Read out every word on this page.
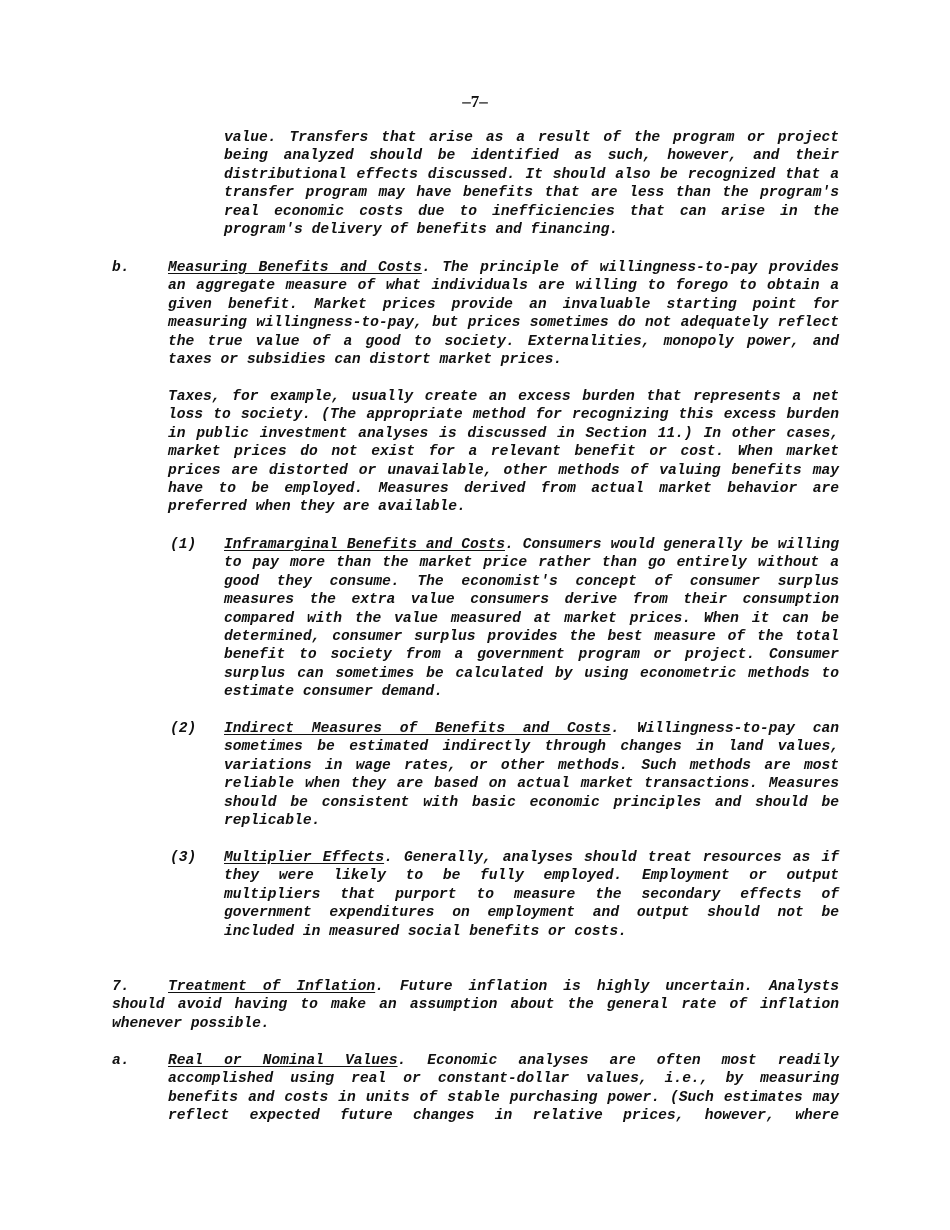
–7–
value. Transfers that arise as a result of the program or project being analyzed should be identified as such, however, and their distributional effects discussed. It should also be recognized that a transfer program may have benefits that are less than the program's real economic costs due to inefficiencies that can arise in the program's delivery of benefits and financing.
b.	Measuring Benefits and Costs. The principle of willingness-to-pay provides an aggregate measure of what individuals are willing to forego to obtain a given benefit. Market prices provide an invaluable starting point for measuring willingness-to-pay, but prices sometimes do not adequately reflect the true value of a good to society. Externalities, monopoly power, and taxes or subsidies can distort market prices.
Taxes, for example, usually create an excess burden that represents a net loss to society. (The appropriate method for recognizing this excess burden in public investment analyses is discussed in Section 11.) In other cases, market prices do not exist for a relevant benefit or cost. When market prices are distorted or unavailable, other methods of valuing benefits may have to be employed. Measures derived from actual market behavior are preferred when they are available.
(1) Inframarginal Benefits and Costs. Consumers would generally be willing to pay more than the market price rather than go entirely without a good they consume. The economist's concept of consumer surplus measures the extra value consumers derive from their consumption compared with the value measured at market prices. When it can be determined, consumer surplus provides the best measure of the total benefit to society from a government program or project. Consumer surplus can sometimes be calculated by using econometric methods to estimate consumer demand.
(2) Indirect Measures of Benefits and Costs. Willingness-to-pay can sometimes be estimated indirectly through changes in land values, variations in wage rates, or other methods. Such methods are most reliable when they are based on actual market transactions. Measures should be consistent with basic economic principles and should be replicable.
(3) Multiplier Effects. Generally, analyses should treat resources as if they were likely to be fully employed. Employment or output multipliers that purport to measure the secondary effects of government expenditures on employment and output should not be included in measured social benefits or costs.
7.	Treatment of Inflation. Future inflation is highly uncertain. Analysts should avoid having to make an assumption about the general rate of inflation whenever possible.
a.	Real or Nominal Values. Economic analyses are often most readily accomplished using real or constant-dollar values, i.e., by measuring benefits and costs in units of stable purchasing power. (Such estimates may reflect expected future changes in relative prices, however, where
